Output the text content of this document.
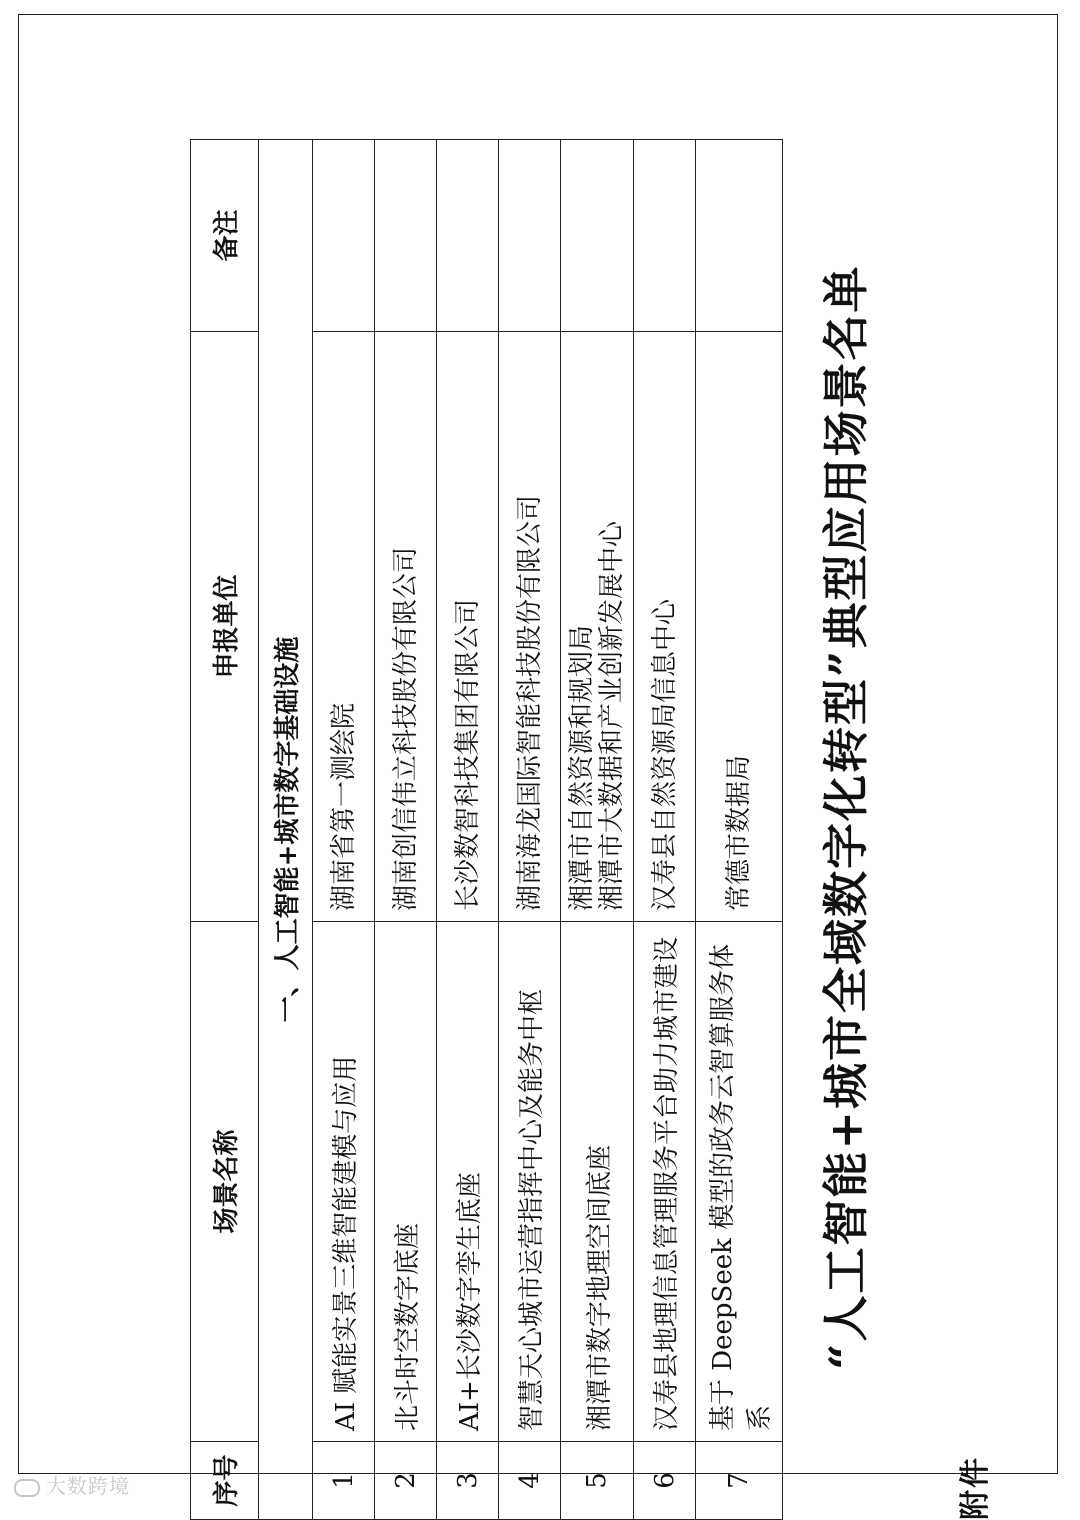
附件
“人工智能+城市全域数字化转型”典型应用场景名单
序号	场景名称	申报单位	备注
一、人工智能+城市数字基础设施			
1	AI 赋能实景三维智能建模与应用	湖南省第一测绘院	

2	北斗时空数字底座	湖南创信伟立科技股份有限公司	

3	AI+长沙数字孪生底座	长沙数智科技集团有限公司	

4	智慧天心城市运营指挥中心及能务中枢	湖南海龙国际智能科技股份有限公司	

5	湘潭市数字地理空间底座	湘潭市自然资源和规划局 湘潭市大数据和产业创新发展中心	

6	汉寿县地理信息管理服务平台助力城市建设	汉寿县自然资源局信息中心	

7	基于 DeepSeek 模型的政务云智算服务体系	常德市数据局	

大数跨境
